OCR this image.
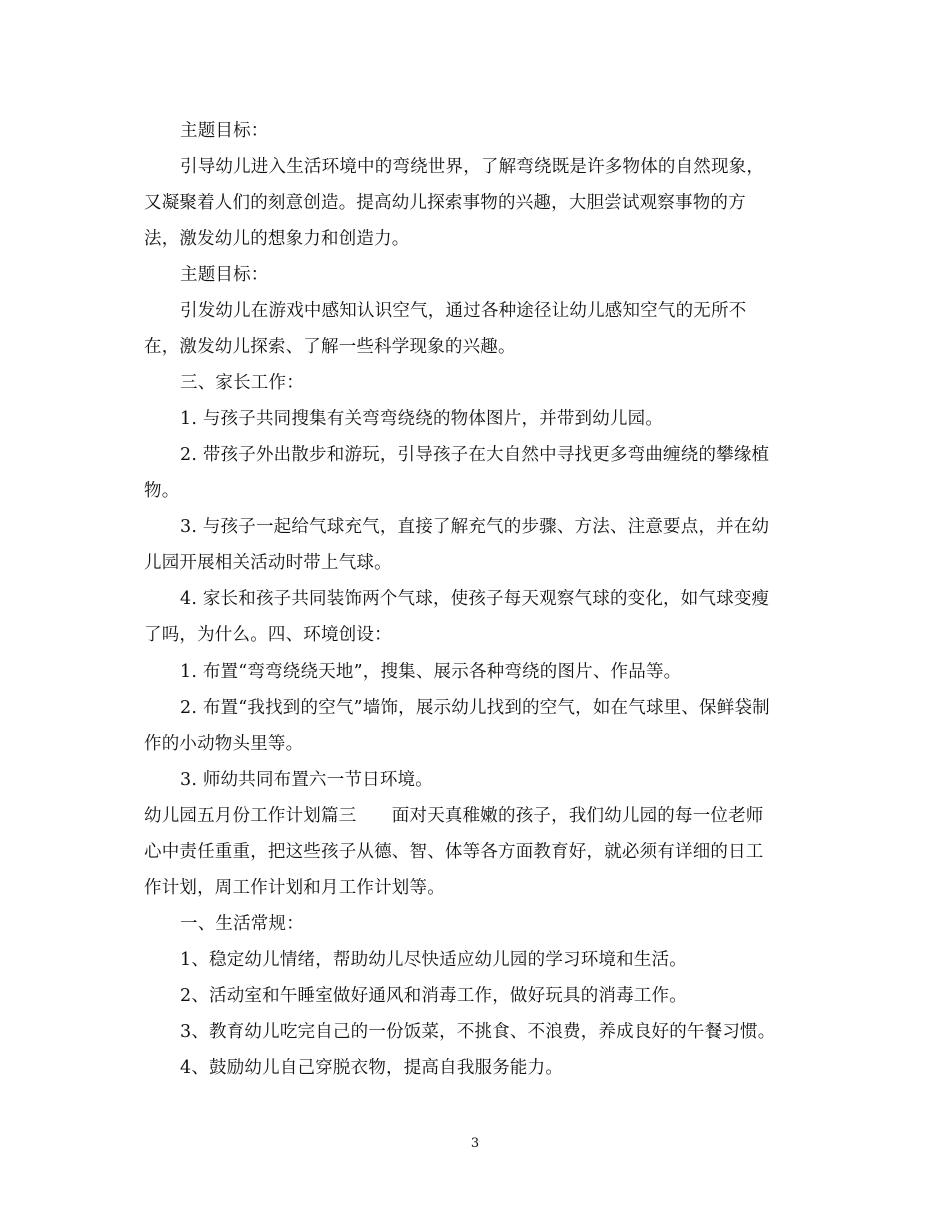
主题目标：
引导幼儿进入生活环境中的弯绕世界，了解弯绕既是许多物体的自然现象，
又凝聚着人们的刻意创造。提高幼儿探索事物的兴趣，大胆尝试观察事物的方
法，激发幼儿的想象力和创造力。
主题目标：
引发幼儿在游戏中感知认识空气，通过各种途径让幼儿感知空气的无所不
在，激发幼儿探索、了解一些科学现象的兴趣。
三、家长工作：
1. 与孩子共同搜集有关弯弯绕绕的物体图片，并带到幼儿园。
2. 带孩子外出散步和游玩，引导孩子在大自然中寻找更多弯曲缠绕的攀缘植
物。
3. 与孩子一起给气球充气，直接了解充气的步骤、方法、注意要点，并在幼
儿园开展相关活动时带上气球。
4. 家长和孩子共同装饰两个气球，使孩子每天观察气球的变化，如气球变瘦
了吗，为什么。四、环境创设：
1. 布置“弯弯绕绕天地”，搜集、展示各种弯绕的图片、作品等。
2. 布置“我找到的空气”墙饰，展示幼儿找到的空气，如在气球里、保鲜袋制
作的小动物头里等。
3. 师幼共同布置六一节日环境。
幼儿园五月份工作计划篇三　　面对天真稚嫩的孩子，我们幼儿园的每一位老师
心中责任重重，把这些孩子从德、智、体等各方面教育好，就必须有详细的日工
作计划，周工作计划和月工作计划等。
一、生活常规：
1、稳定幼儿情绪，帮助幼儿尽快适应幼儿园的学习环境和生活。
2、活动室和午睡室做好通风和消毒工作，做好玩具的消毒工作。
3、教育幼儿吃完自己的一份饭菜，不挑食、不浪费，养成良好的午餐习惯。
4、鼓励幼儿自己穿脱衣物，提高自我服务能力。
3
